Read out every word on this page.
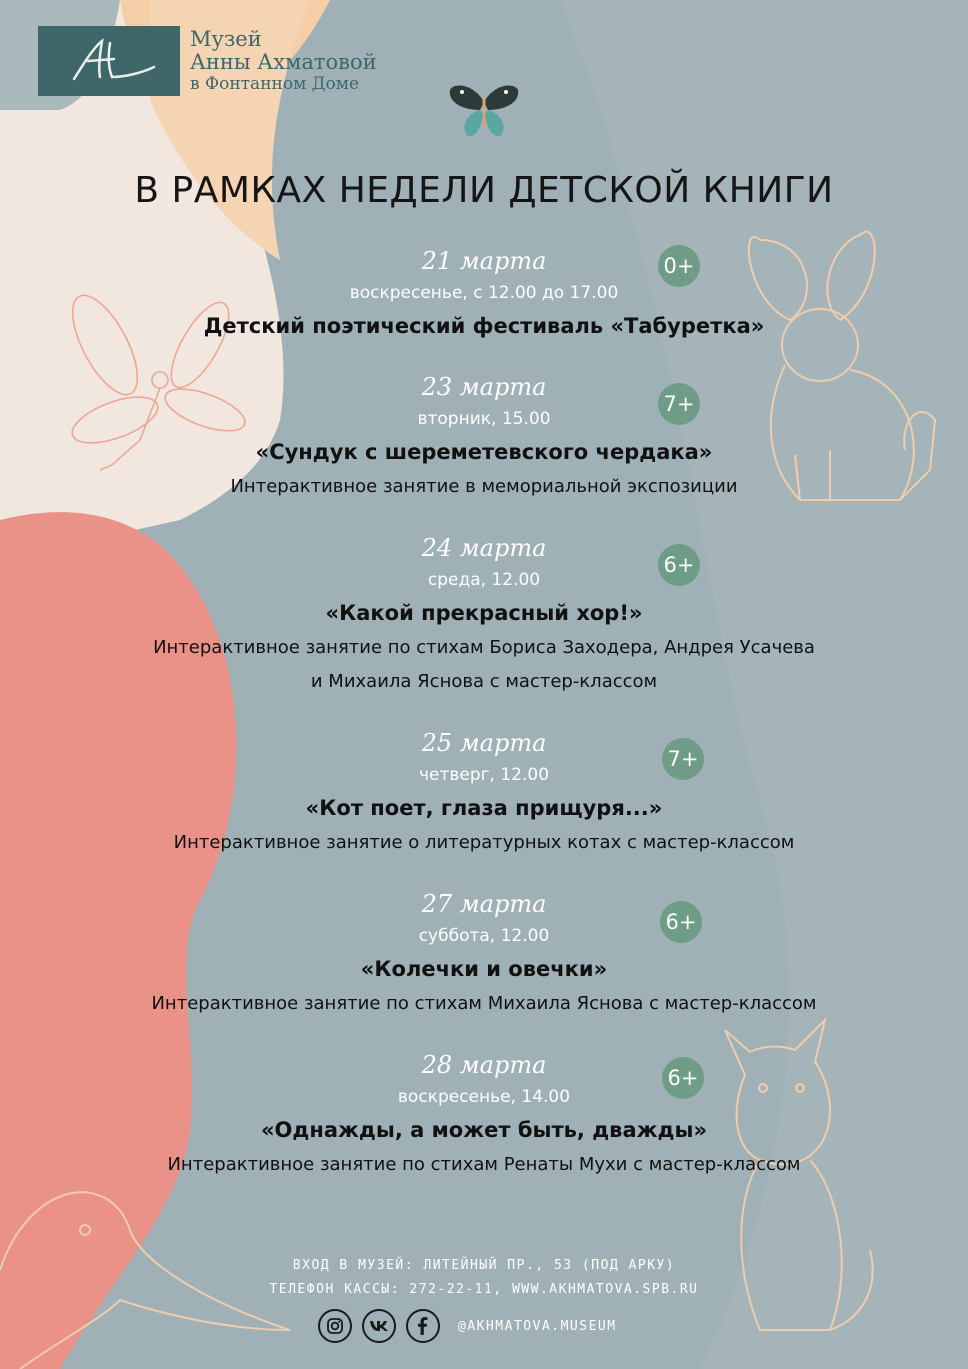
Музей
Анны Ахматовой
в Фонтанном Доме
В РАМКАХ НЕДЕЛИ ДЕТСКОЙ КНИГИ
21 марта
воскресенье, с 12.00 до 17.00
Детский поэтический фестиваль «Табуретка»
0+
23 марта
вторник, 15.00
«Сундук с шереметевского чердака»
Интерактивное занятие в мемориальной экспозиции
7+
24 марта
среда, 12.00
«Какой прекрасный хор!»
Интерактивное занятие по стихам Бориса Заходера, Андрея Усачева
и Михаила Яснова с мастер-классом
6+
25 марта
четверг, 12.00
«Кот поет, глаза прищуря...»
Интерактивное занятие о литературных котах с мастер-классом
7+
27 марта
суббота, 12.00
«Колечки и овечки»
Интерактивное занятие по стихам Михаила Яснова с мастер-классом
6+
28 марта
воскресенье, 14.00
«Однажды, а может быть, дважды»
Интерактивное занятие по стихам Ренаты Мухи с мастер-классом
6+
ВХОД В МУЗЕЙ: ЛИТЕЙНЫЙ ПР., 53 (ПОД АРКУ)
ТЕЛЕФОН КАССЫ: 272-22-11, WWW.AKHMATOVA.SPB.RU
@AKHMATOVA.MUSEUM
